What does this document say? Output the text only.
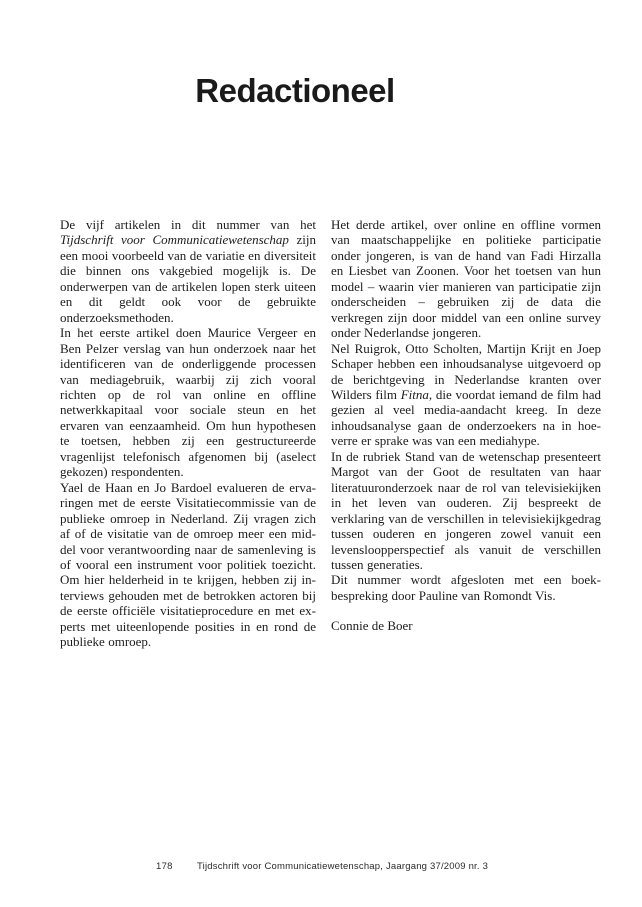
Redactioneel

De vijf artikelen in dit nummer van het Tijdschrift voor Communicatiewetenschap zijn een mooi voorbeeld van de variatie en diversiteit die binnen ons vakgebied mogelijk is. De onderwerpen van de artikelen lopen sterk uiteen en dit geldt ook voor de gebruikte onderzoeksmethoden.

In het eerste artikel doen Maurice Vergeer en Ben Pelzer verslag van hun onderzoek naar het identificeren van de onderliggende processen van mediagebruik, waarbij zij zich vooral richten op de rol van online en offline netwerkkapitaal voor sociale steun en het ervaren van eenzaamheid. Om hun hypothesen te toetsen, hebben zij een gestructureerde vragenlijst telefonisch afgenomen bij (aselect gekozen) respondenten.

Yael de Haan en Jo Bardoel evalueren de ervaringen met de eerste Visitatiecommissie van de publieke omroep in Nederland. Zij vragen zich af of de visitatie van de omroep meer een middel voor verantwoording naar de samenleving is of vooral een instrument voor politiek toezicht. Om hier helderheid in te krijgen, hebben zij interviews gehouden met de betrokken actoren bij de eerste officiële visitatieprocedure en met experts met uiteenlopende posities in en rond de publieke omroep.

Het derde artikel, over online en offline vormen van maatschappelijke en politieke participatie onder jongeren, is van de hand van Fadi Hirzalla en Liesbet van Zoonen. Voor het toetsen van hun model – waarin vier manieren van participatie zijn onderscheiden – gebruiken zij de data die verkregen zijn door middel van een online survey onder Nederlandse jongeren.

Nel Ruigrok, Otto Scholten, Martijn Krijt en Joep Schaper hebben een inhoudsanalyse uitgevoerd op de berichtgeving in Nederlandse kranten over Wilders film Fitna, die voordat iemand de film had gezien al veel media-aandacht kreeg. In deze inhoudsanalyse gaan de onderzoekers na in hoeverre er sprake was van een mediahype.

In de rubriek Stand van de wetenschap presenteert Margot van der Goot de resultaten van haar literatuuronderzoek naar de rol van televisiekijken in het leven van ouderen. Zij bespreekt de verklaring van de verschillen in televisiekijkgedrag tussen ouderen en jongeren zowel vanuit een levensloopperspectief als vanuit de verschillen tussen generaties.

Dit nummer wordt afgesloten met een boekbespreking door Pauline van Romondt Vis.

Connie de Boer

178	Tijdschrift voor Communicatiewetenschap, Jaargang 37/2009 nr. 3
